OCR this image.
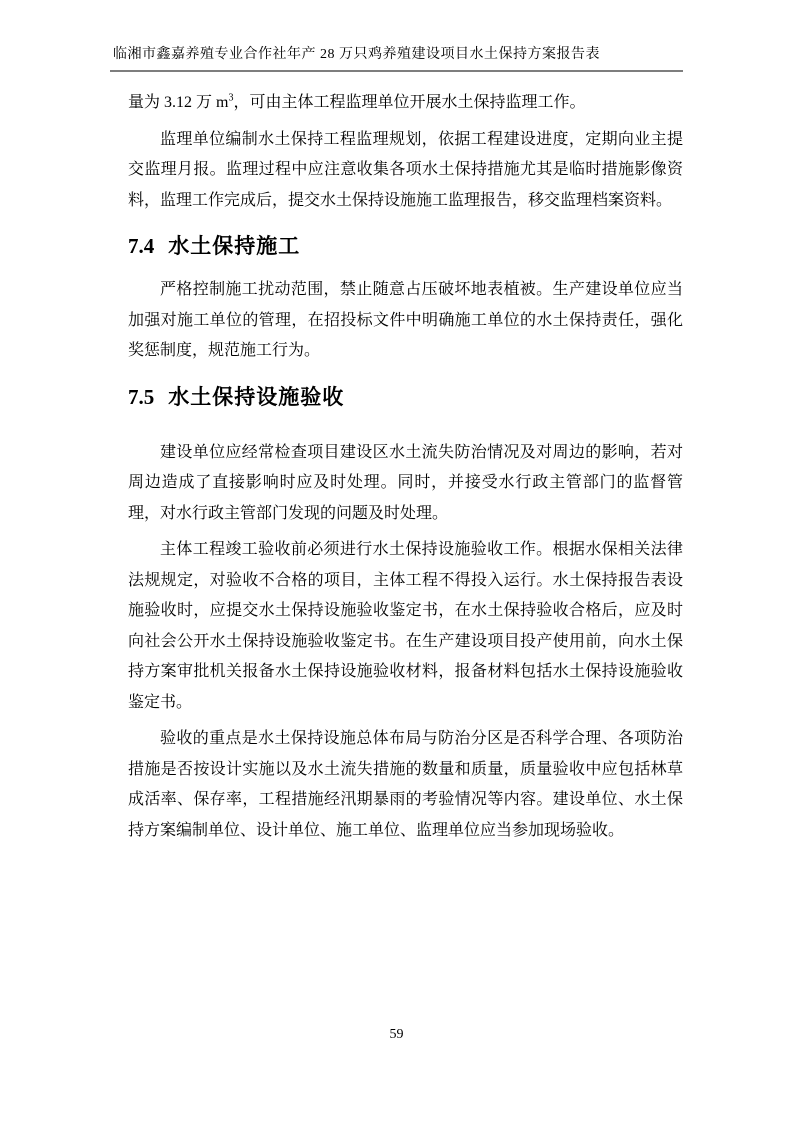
临湘市鑫嘉养殖专业合作社年产 28 万只鸡养殖建设项目水土保持方案报告表

量为 3.12 万 $m^3$，可由主体工程监理单位开展水土保持监理工作。

监理单位编制水土保持工程监理规划，依据工程建设进度，定期向业主提交监理月报。监理过程中应注意收集各项水土保持措施尤其是临时措施影像资料，监理工作完成后，提交水土保持设施施工监理报告，移交监理档案资料。

7.4 水土保持施工

严格控制施工扰动范围，禁止随意占压破坏地表植被。生产建设单位应当加强对施工单位的管理，在招投标文件中明确施工单位的水土保持责任，强化奖惩制度，规范施工行为。

7.5 水土保持设施验收

建设单位应经常检查项目建设区水土流失防治情况及对周边的影响，若对周边造成了直接影响时应及时处理。同时，并接受水行政主管部门的监督管理，对水行政主管部门发现的问题及时处理。

主体工程竣工验收前必须进行水土保持设施验收工作。根据水保相关法律法规规定，对验收不合格的项目，主体工程不得投入运行。水土保持报告表设施验收时，应提交水土保持设施验收鉴定书，在水土保持验收合格后，应及时向社会公开水土保持设施验收鉴定书。在生产建设项目投产使用前，向水土保持方案审批机关报备水土保持设施验收材料，报备材料包括水土保持设施验收鉴定书。

验收的重点是水土保持设施总体布局与防治分区是否科学合理、各项防治措施是否按设计实施以及水土流失措施的数量和质量，质量验收中应包括林草成活率、保存率，工程措施经汛期暴雨的考验情况等内容。建设单位、水土保持方案编制单位、设计单位、施工单位、监理单位应当参加现场验收。

59
